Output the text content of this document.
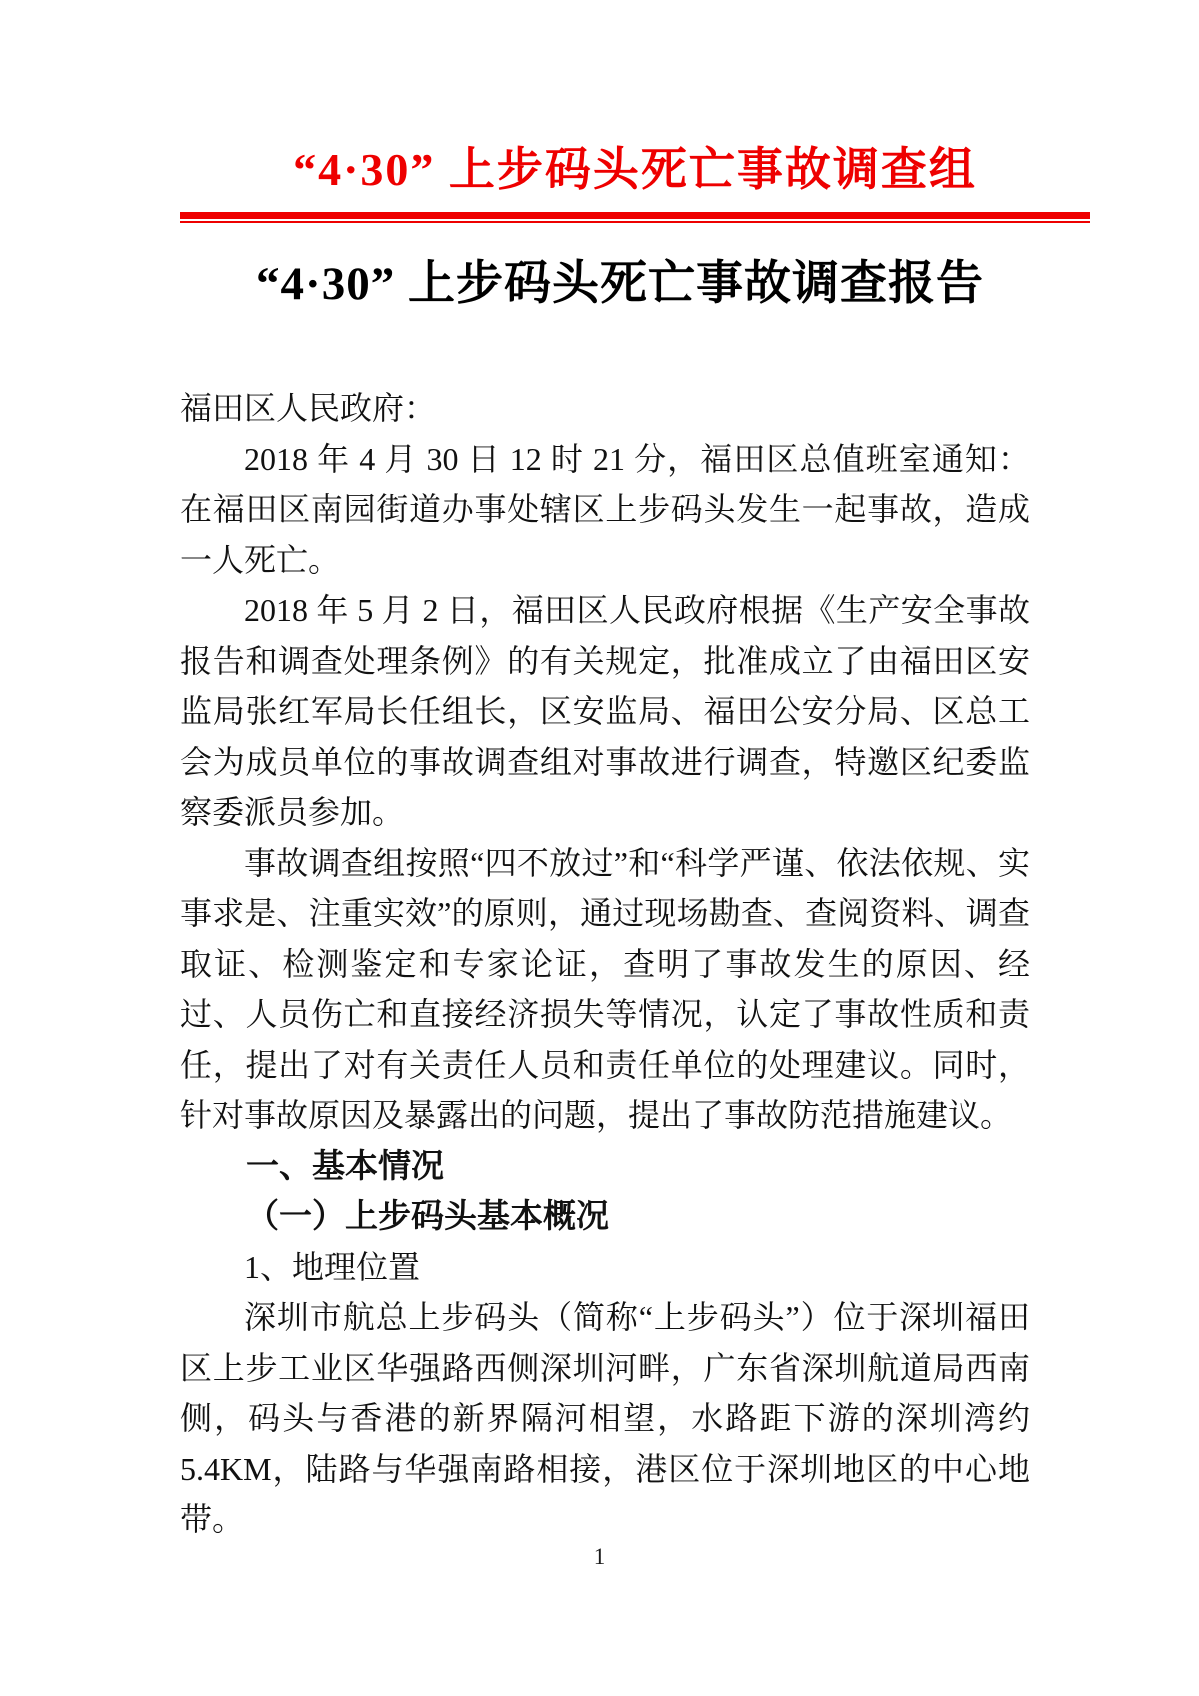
“4·30” 上步码头死亡事故调查组
“4·30” 上步码头死亡事故调查报告

福田区人民政府：

2018 年 4 月 30 日 12 时 21 分，福田区总值班室通知：在福田区南园街道办事处辖区上步码头发生一起事故，造成一人死亡。

2018 年 5 月 2 日，福田区人民政府根据《生产安全事故报告和调查处理条例》的有关规定，批准成立了由福田区安监局张红军局长任组长，区安监局、福田公安分局、区总工会为成员单位的事故调查组对事故进行调查，特邀区纪委监察委派员参加。

事故调查组按照“四不放过”和“科学严谨、依法依规、实事求是、注重实效”的原则，通过现场勘查、查阅资料、调查取证、检测鉴定和专家论证，查明了事故发生的原因、经过、人员伤亡和直接经济损失等情况，认定了事故性质和责任，提出了对有关责任人员和责任单位的处理建议。同时，针对事故原因及暴露出的问题，提出了事故防范措施建议。

一、基本情况
（一）上步码头基本概况
1、地理位置

深圳市航总上步码头（简称“上步码头”）位于深圳福田区上步工业区华强路西侧深圳河畔，广东省深圳航道局西南侧，码头与香港的新界隔河相望，水路距下游的深圳湾约 5.4KM，陆路与华强南路相接，港区位于深圳地区的中心地带。

1
